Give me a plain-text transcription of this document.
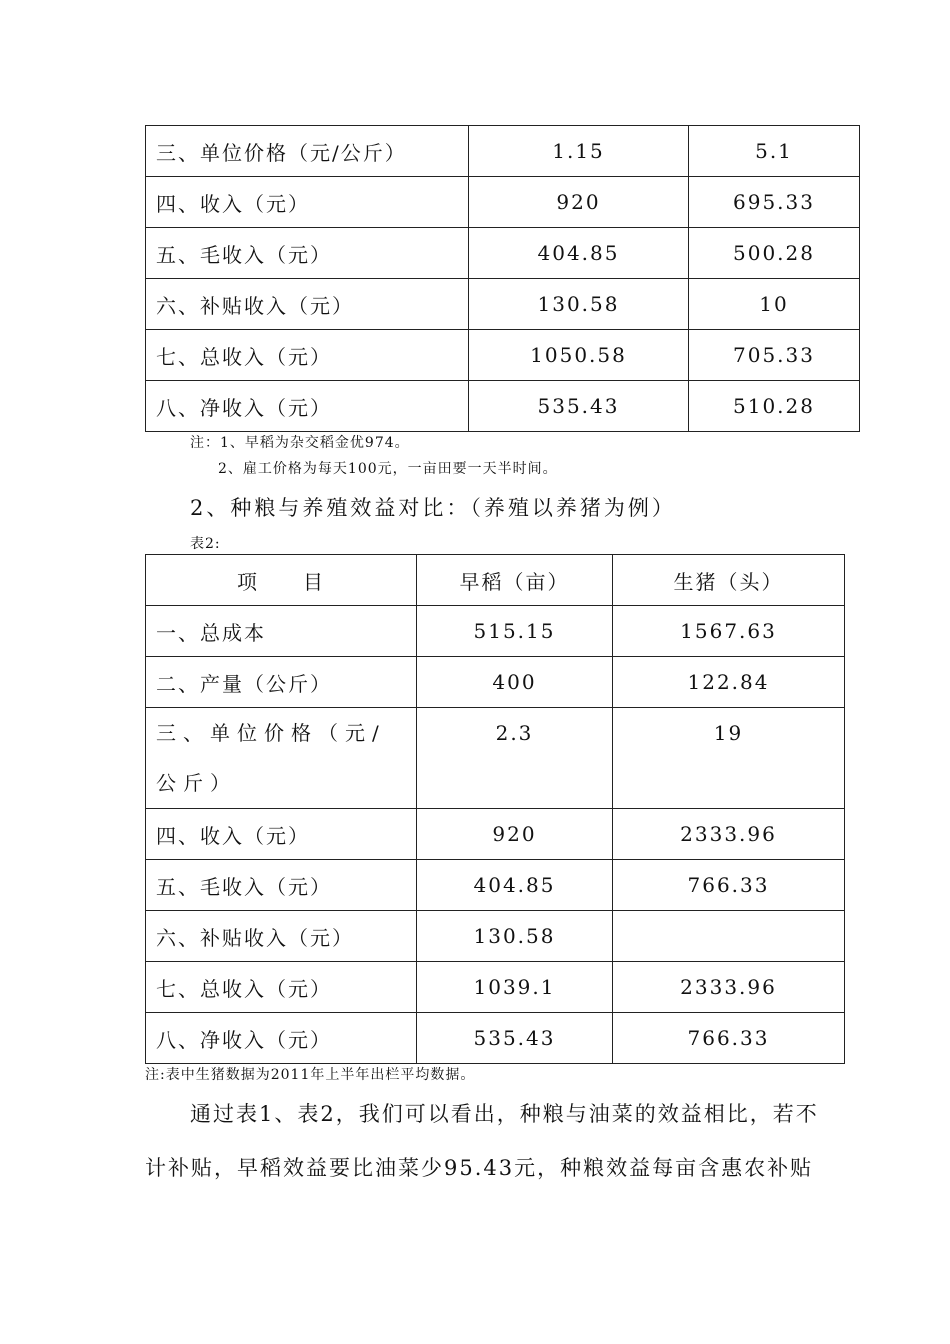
三、单位价格（元/公斤）	1.15	5.1
四、收入（元）	920	695.33
五、毛收入（元）	404.85	500.28
六、补贴收入（元）	130.58	10
七、总收入（元）	1050.58	705.33
八、净收入（元）	535.43	510.28
注：1、早稻为杂交稻金优974。
2、雇工价格为每天100元，一亩田要一天半时间。
2、种粮与养殖效益对比：（养殖以养猪为例）
表2:
项　　目	早稻（亩）	生猪（头）
一、总成本	515.15	1567.63
二、产量（公斤）	400	122.84
三、单位价格（元/公斤）	2.3	19
四、收入（元）	920	2333.96
五、毛收入（元）	404.85	766.33
六、补贴收入（元）	130.58	
七、总收入（元）	1039.1	2333.96
八、净收入（元）	535.43	766.33
注:表中生猪数据为2011年上半年出栏平均数据。
通过表1、表2，我们可以看出，种粮与油菜的效益相比，若不
计补贴，早稻效益要比油菜少95.43元，种粮效益每亩含惠农补贴
